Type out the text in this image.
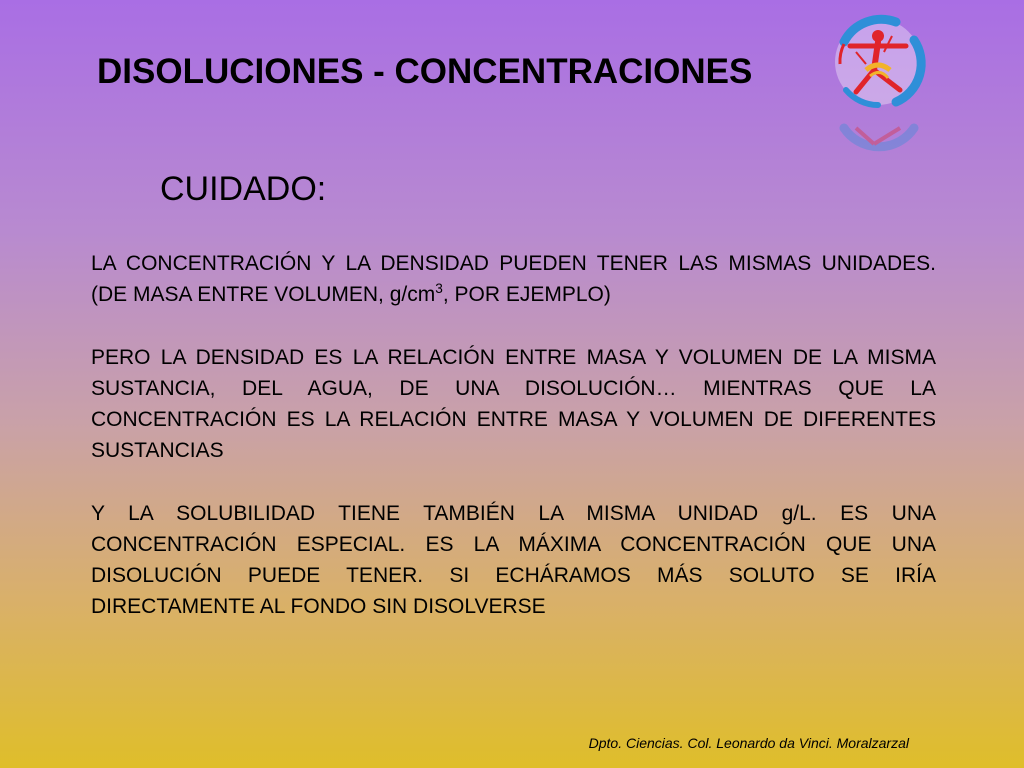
DISOLUCIONES - CONCENTRACIONES
CUIDADO:
LA CONCENTRACIÓN Y LA DENSIDAD PUEDEN TENER LAS MISMAS UNIDADES. (DE MASA ENTRE VOLUMEN, $g/cm^3$, POR EJEMPLO)
PERO LA DENSIDAD ES LA RELACIÓN ENTRE MASA Y VOLUMEN DE LA MISMA SUSTANCIA, DEL AGUA, DE UNA DISOLUCIÓN… MIENTRAS QUE LA CONCENTRACIÓN ES LA RELACIÓN ENTRE MASA Y VOLUMEN DE DIFERENTES SUSTANCIAS
Y LA SOLUBILIDAD TIENE TAMBIÉN LA MISMA UNIDAD g/L. ES UNA CONCENTRACIÓN ESPECIAL. ES LA MÁXIMA CONCENTRACIÓN QUE UNA DISOLUCIÓN PUEDE TENER. SI ECHÁRAMOS MÁS SOLUTO SE IRÍA DIRECTAMENTE AL FONDO SIN DISOLVERSE
Dpto. Ciencias. Col. Leonardo da Vinci. Moralzarzal
